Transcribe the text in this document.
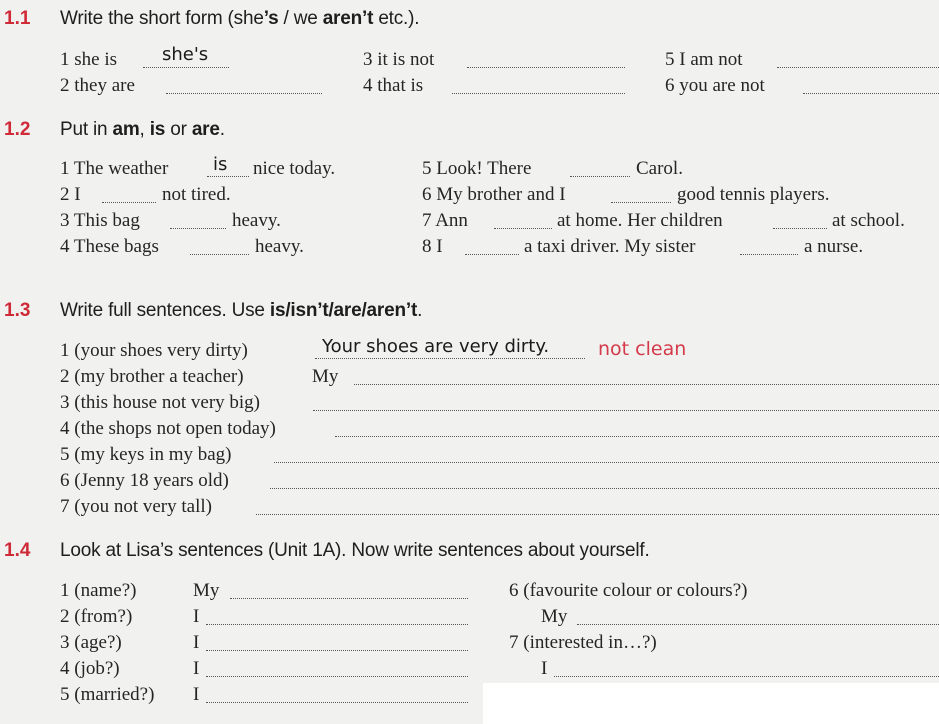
1.1 Write the short form (she’s / we aren’t etc.).
1 she is	she's
2 they are
3 it is not
4 that is
5 I am not
6 you are not
1.2 Put in am, is or are.
1 The weather is nice today.
2 I	not tired.
3 This bag	heavy.
4 These bags	heavy.
5 Look! There	Carol.
6 My brother and I	good tennis players.
7 Ann	at home. Her children	at school.
8 I	a taxi driver. My sister	a nurse.
1.3 Write full sentences. Use is/isn’t/are/aren’t.
1 (your shoes very dirty)	Your shoes are very dirty.	not clean
2 (my brother a teacher)	My
3 (this house not very big)
4 (the shops not open today)
5 (my keys in my bag)
6 (Jenny 18 years old)
7 (you not very tall)
1.4 Look at Lisa’s sentences (Unit 1A). Now write sentences about yourself.
1 (name?)	My
2 (from?)	I
3 (age?)	I
4 (job?)	I
5 (married?) I
6 (favourite colour or colours?)
My
7 (interested in…?)
I
